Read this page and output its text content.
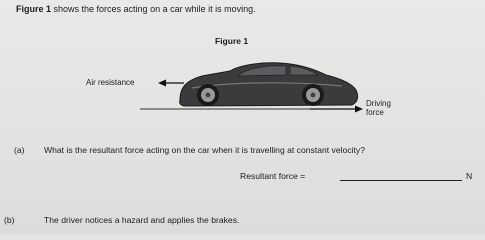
Figure 1 shows the forces acting on a car while it is moving.
Figure 1
Air resistance
Driving
force
(a) What is the resultant force acting on the car when it is travelling at constant velocity?
Resultant force =	N
(b)	The driver notices a hazard and applies the brakes.
